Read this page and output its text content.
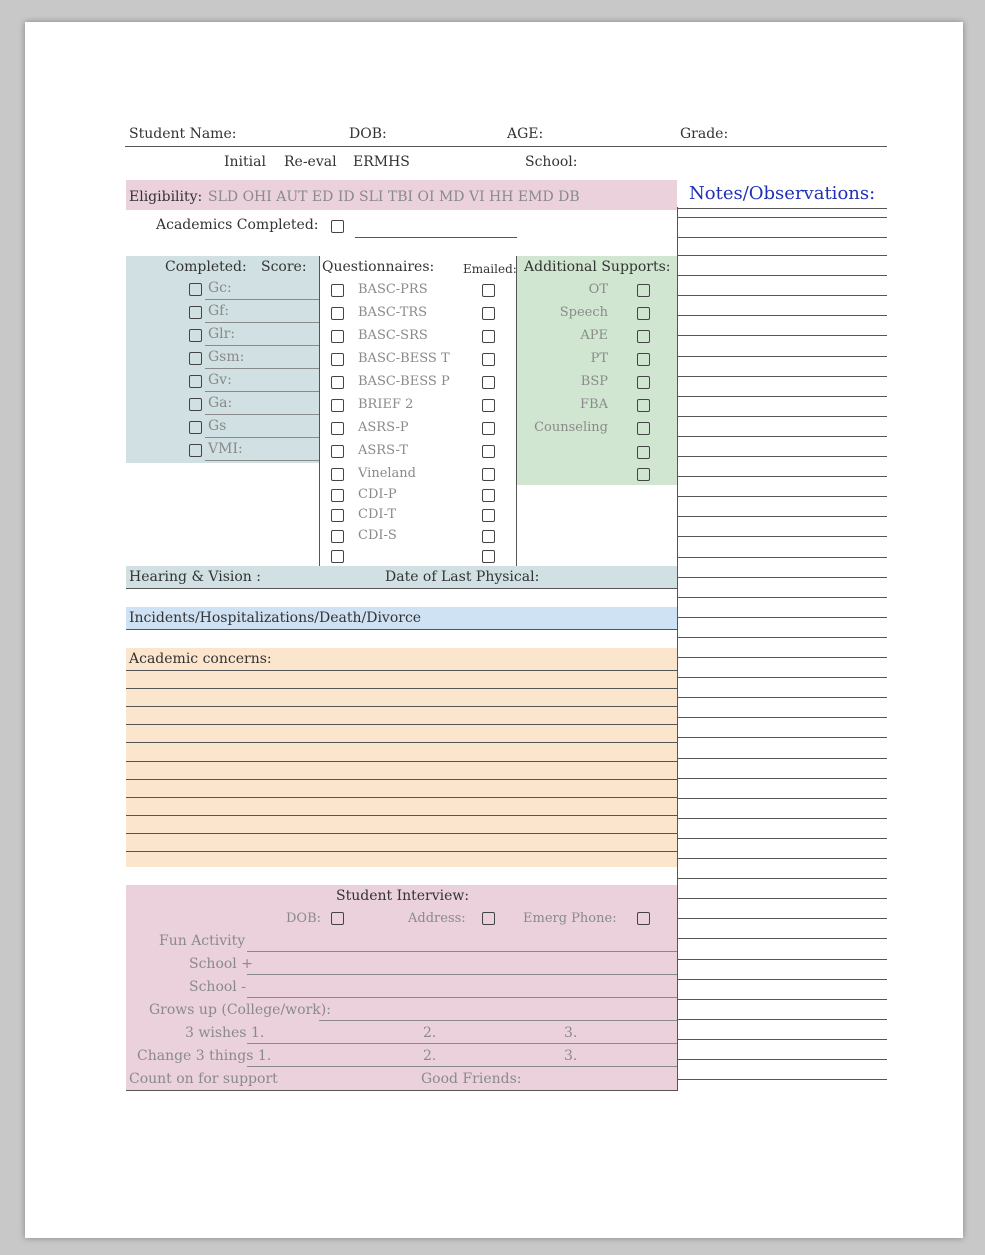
Student Name:	DOB:	AGE:	Grade:
Initial Re-eval ERMHS	School:
Eligibility: SLD OHI AUT ED ID SLI TBI OI MD VI HH EMD DB	Notes/Observations:
Academics Completed:
Completed: Score:
Gc:
Gf:
Glr:
Gsm:
Gv:
Ga:
Gs
VMI:
Questionnaires: Emailed:
BASC-PRS
BASC-TRS
BASC-SRS
BASC-BESS T
BASC-BESS P
BRIEF 2
ASRS-P
ASRS-T
Vineland
CDI-P
CDI-T
CDI-S
Additional Supports:
OT
Speech
APE
PT
BSP
FBA
Counseling
Hearing & Vision :	Date of Last Physical:
Incidents/Hospitalizations/Death/Divorce
Academic concerns:
Student Interview:
DOB:	Address:	Emerg Phone:
Fun Activity
School +
School -
Grows up (College/work):
3 wishes 1.	2.	3.
Change 3 things 1.	2.	3.
Count on for support	Good Friends:
